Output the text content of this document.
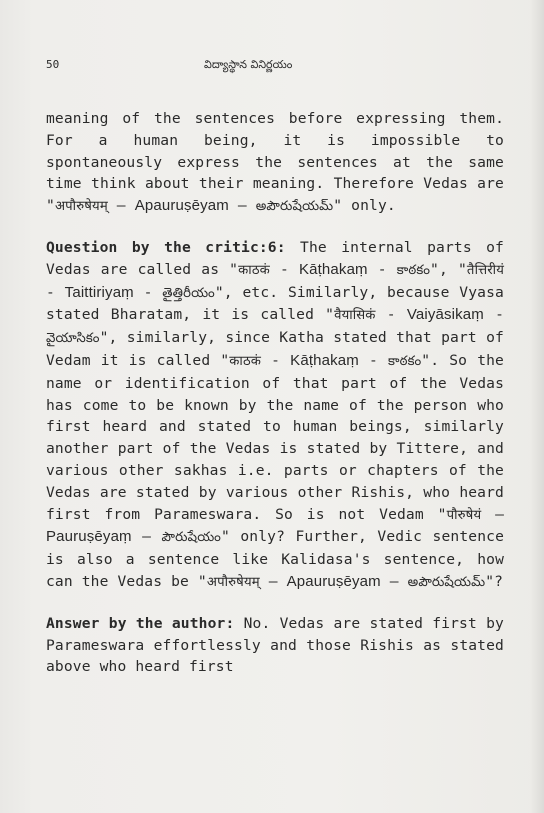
50	విద్యాస్థాన వినిర్ణయం

meaning of the sentences before expressing them. For a human being, it is impossible to spontaneously express the sentences at the same time think about their meaning. Therefore Vedas are "अपौरुषेयम् – Apauruṣēyam – అపౌరుషేయమ్" only.

Question by the critic:6: The internal parts of Vedas are called as "काठकं - Kāṭhakaṃ - కాఠకం", "तैत्तिरीयं - Taittiriyaṃ - తైత్తిరీయం", etc. Similarly, because Vyasa stated Bharatam, it is called "वैयासिकं - Vaiyāsikaṃ - వైయాసికం", similarly, since Katha stated that part of Vedam it is called "काठकं - Kāṭhakaṃ - కాఠకం". So the name or identification of that part of the Vedas has come to be known by the name of the person who first heard and stated to human beings, similarly another part of the Vedas is stated by Tittere, and various other sakhas i.e. parts or chapters of the Vedas are stated by various other Rishis, who heard first from Parameswara. So is not Vedam "पौरुषेयं – Pauruṣēyaṃ – పౌరుషేయం" only? Further, Vedic sentence is also a sentence like Kalidasa's sentence, how can the Vedas be "अपौरुषेयम् – Apauruṣēyam – అపౌరుషేయమ్"?

Answer by the author: No. Vedas are stated first by Parameswara effortlessly and those Rishis as stated above who heard first
